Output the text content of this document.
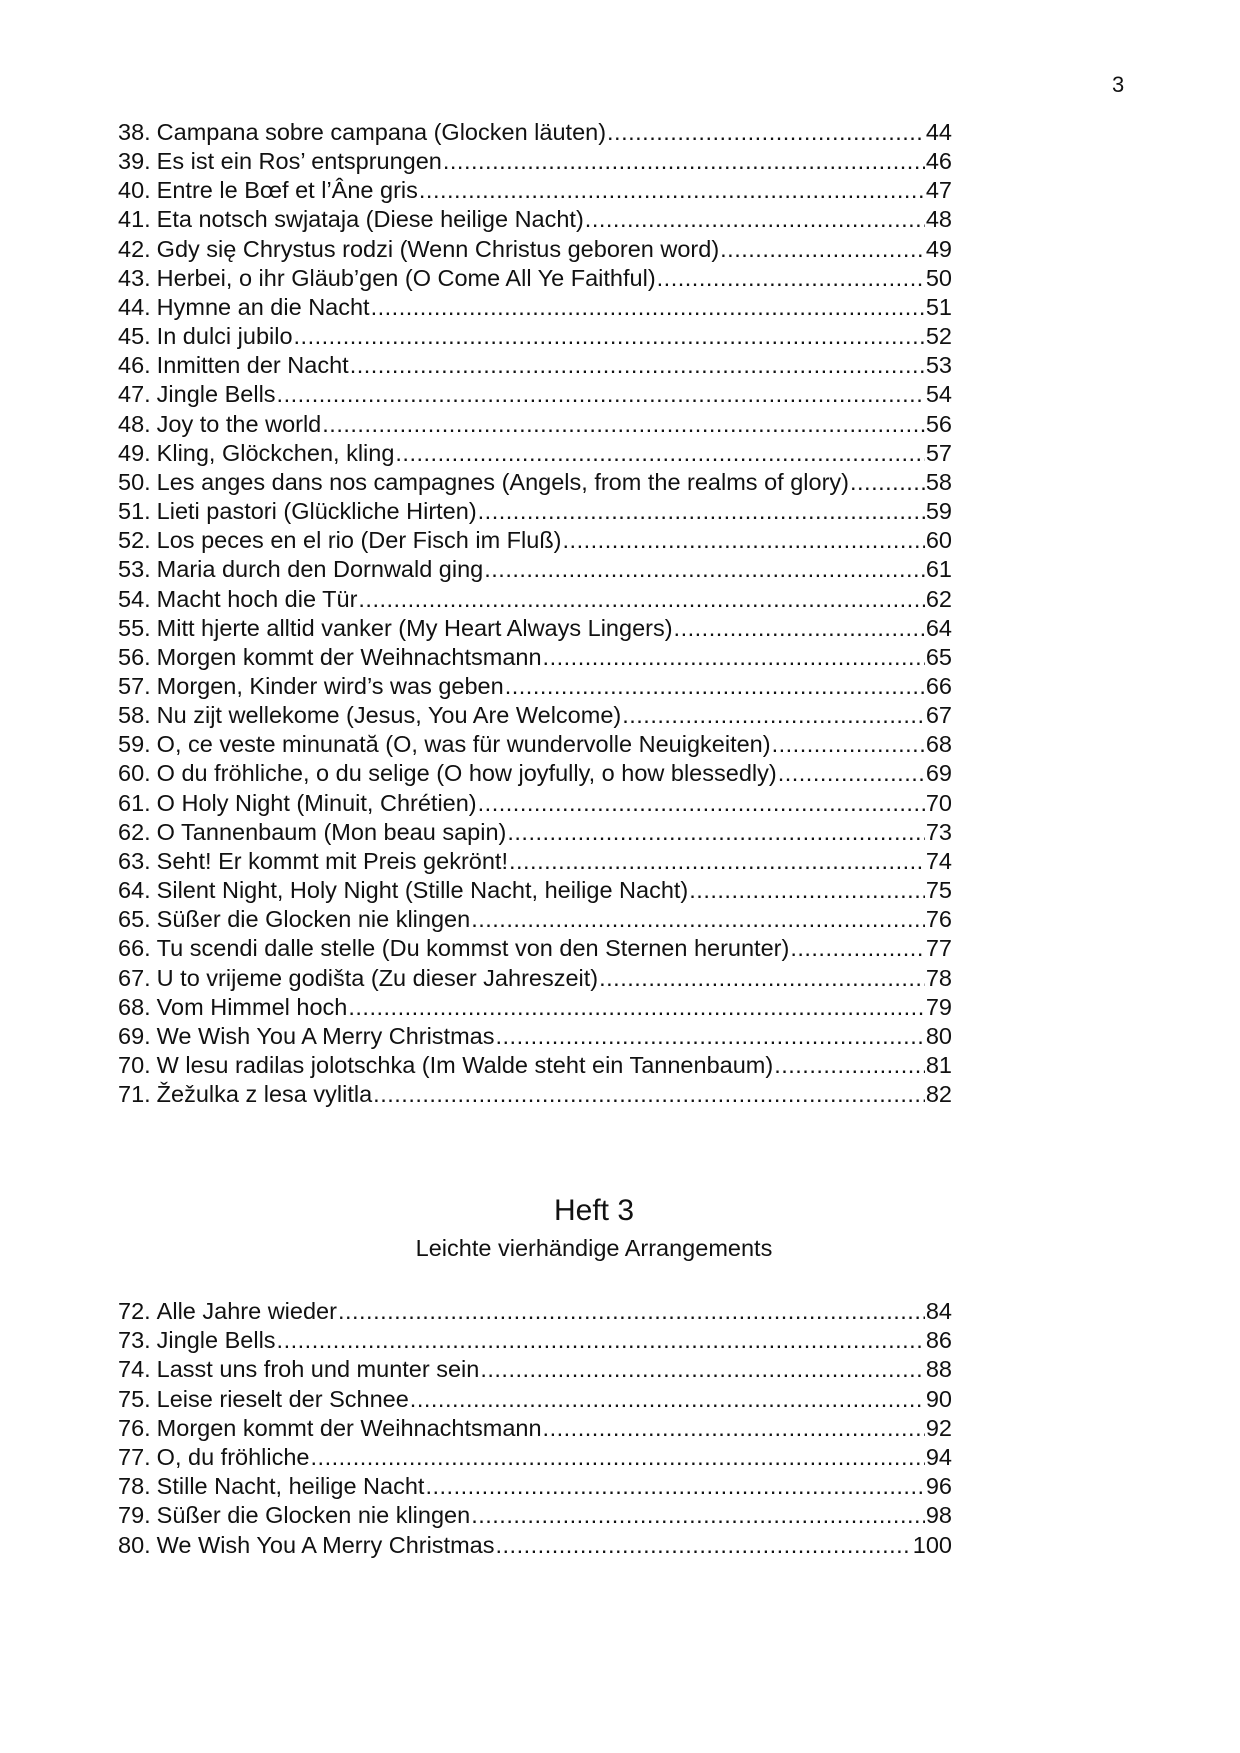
3
38. Campana sobre campana (Glocken läuten) .....	44
39. Es ist ein Ros’ entsprungen .....	46
40. Entre le Bœf et l’Âne gris .....	47
41. Eta notsch swjataja (Diese heilige Nacht) .....	48
42. Gdy się Chrystus rodzi (Wenn Christus geboren word) .....	49
43. Herbei, o ihr Gläub’gen (O Come All Ye Faithful) .....	50
44. Hymne an die Nacht .....	51
45. In dulci jubilo .....	52
46. Inmitten der Nacht .....	53
47. Jingle Bells .....	54
48. Joy to the world .....	56
49. Kling, Glöckchen, kling .....	57
50. Les anges dans nos campagnes (Angels, from the realms of glory) .....	58
51. Lieti pastori (Glückliche Hirten) .....	59
52. Los peces en el rio (Der Fisch im Fluß) .....	60
53. Maria durch den Dornwald ging .....	61
54. Macht hoch die Tür .....	62
55. Mitt hjerte alltid vanker (My Heart Always Lingers) .....	64
56. Morgen kommt der Weihnachtsmann .....	65
57. Morgen, Kinder wird’s was geben .....	66
58. Nu zijt wellekome (Jesus, You Are Welcome) .....	67
59. O, ce veste minunată (O, was für wundervolle Neuigkeiten) .....	68
60. O du fröhliche, o du selige (O how joyfully, o how blessedly) .....	69
61. O Holy Night (Minuit, Chrétien) .....	70
62. O Tannenbaum (Mon beau sapin) .....	73
63. Seht! Er kommt mit Preis gekrönt! .....	74
64. Silent Night, Holy Night (Stille Nacht, heilige Nacht) .....	75
65. Süßer die Glocken nie klingen .....	76
66. Tu scendi dalle stelle (Du kommst von den Sternen herunter) .....	77
67. U to vrijeme godišta (Zu dieser Jahreszeit) .....	78
68. Vom Himmel hoch .....	79
69. We Wish You A Merry Christmas .....	80
70. W lesu radilas jolotschka (Im Walde steht ein Tannenbaum) .....	81
71. Žežulka z lesa vylitla .....	82
Heft 3
Leichte vierhändige Arrangements
72. Alle Jahre wieder .....	84
73. Jingle Bells .....	86
74. Lasst uns froh und munter sein .....	88
75. Leise rieselt der Schnee .....	90
76. Morgen kommt der Weihnachtsmann .....	92
77. O, du fröhliche .....	94
78. Stille Nacht, heilige Nacht .....	96
79. Süßer die Glocken nie klingen .....	98
80. We Wish You A Merry Christmas .....	100
